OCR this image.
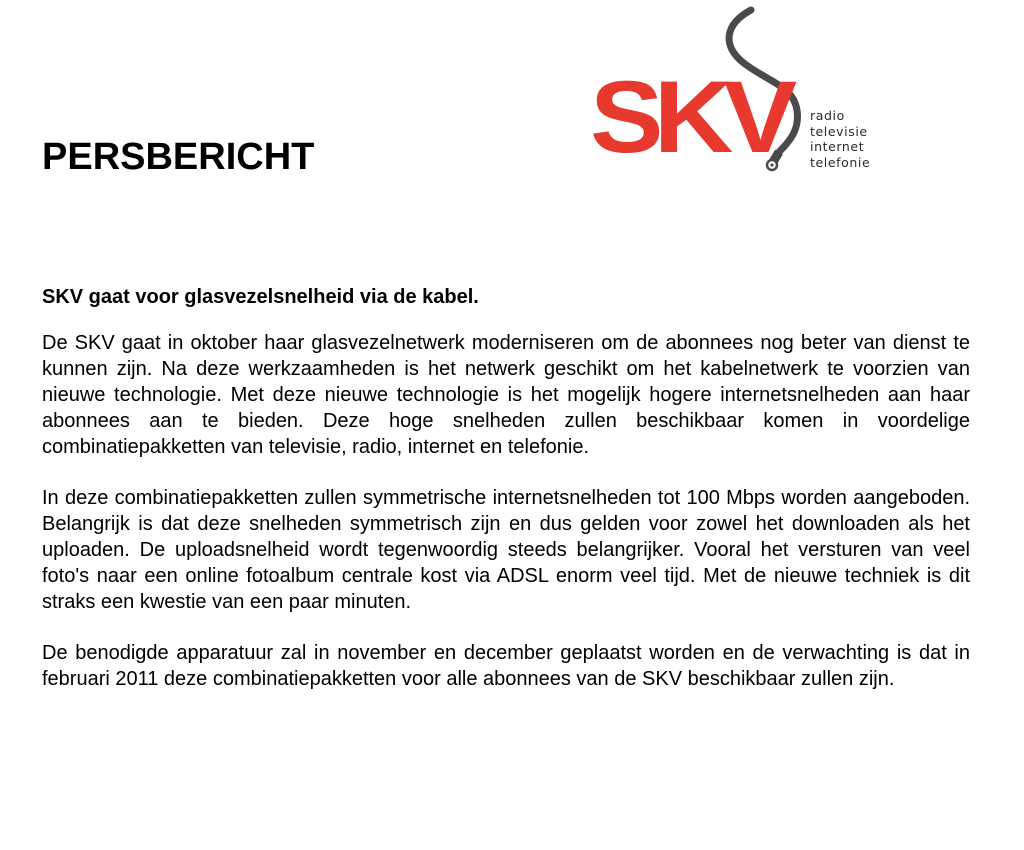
PERSBERICHT	SKV radio
televisie
internet
telefonie
SKV gaat voor glasvezelsnelheid via de kabel.

De SKV gaat in oktober haar glasvezelnetwerk moderniseren om de abonnees nog beter van dienst te kunnen zijn. Na deze werkzaamheden is het netwerk geschikt om het kabelnetwerk te voorzien van nieuwe technologie. Met deze nieuwe technologie is het mogelijk hogere internetsnelheden aan haar abonnees aan te bieden. Deze hoge snelheden zullen beschikbaar komen in voordelige combinatiepakketten van televisie, radio, internet en telefonie.

In deze combinatiepakketten zullen symmetrische internetsnelheden tot 100 Mbps worden aangeboden. Belangrijk is dat deze snelheden symmetrisch zijn en dus gelden voor zowel het downloaden als het uploaden. De uploadsnelheid wordt tegenwoordig steeds belangrijker. Vooral het versturen van veel foto's naar een online fotoalbum centrale kost via ADSL enorm veel tijd. Met de nieuwe techniek is dit straks een kwestie van een paar minuten.

De benodigde apparatuur zal in november en december geplaatst worden en de verwachting is dat in februari 2011 deze combinatiepakketten voor alle abonnees van de SKV beschikbaar zullen zijn.
